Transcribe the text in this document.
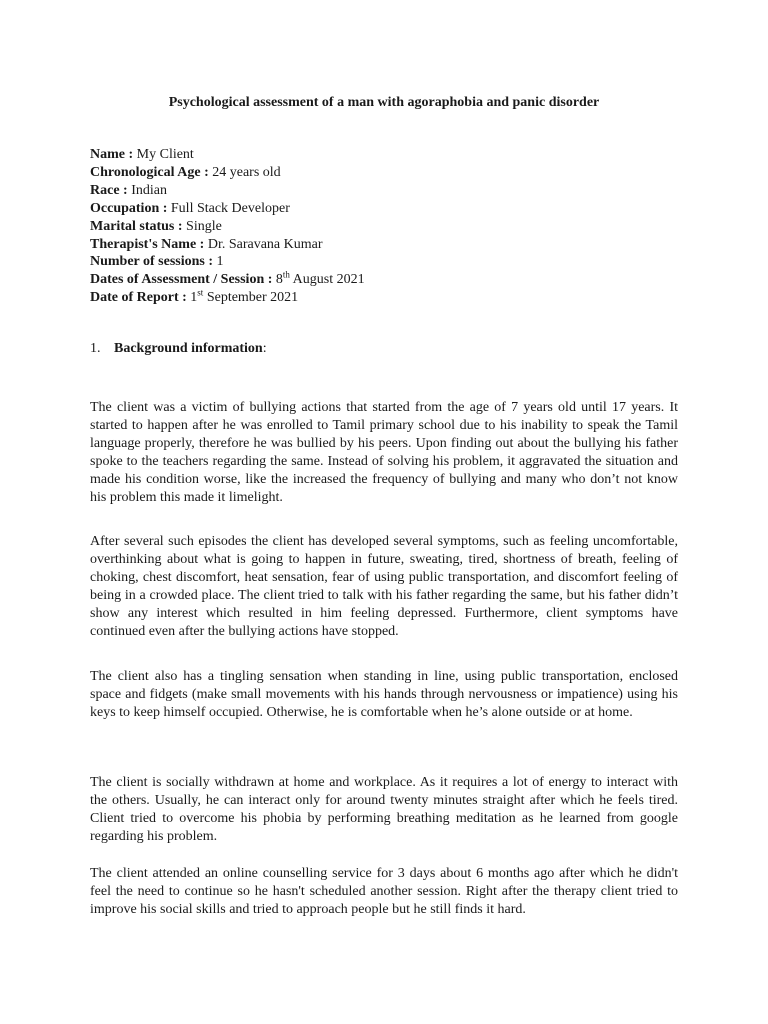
Psychological assessment of a man with agoraphobia and panic disorder
Name : My Client
Chronological Age : 24 years old
Race : Indian
Occupation : Full Stack Developer
Marital status : Single
Therapist's Name : Dr. Saravana Kumar
Number of sessions : 1
Dates of Assessment / Session : 8th August 2021
Date of Report : 1st September 2021
1. Background information:

The client was a victim of bullying actions that started from the age of 7 years old until 17 years. It started to happen after he was enrolled to Tamil primary school due to his inability to speak the Tamil language properly, therefore he was bullied by his peers. Upon finding out about the bullying his father spoke to the teachers regarding the same. Instead of solving his problem, it aggravated the situation and made his condition worse, like the increased the frequency of bullying and many who don’t not know his problem this made it limelight.

After several such episodes the client has developed several symptoms, such as feeling uncomfortable, overthinking about what is going to happen in future, sweating, tired, shortness of breath, feeling of choking, chest discomfort, heat sensation, fear of using public transportation, and discomfort feeling of being in a crowded place. The client tried to talk with his father regarding the same, but his father didn’t show any interest which resulted in him feeling depressed. Furthermore, client symptoms have continued even after the bullying actions have stopped.

The client also has a tingling sensation when standing in line, using public transportation, enclosed space and fidgets (make small movements with his hands through nervousness or impatience) using his keys to keep himself occupied. Otherwise, he is comfortable when he’s alone outside or at home.

The client is socially withdrawn at home and workplace. As it requires a lot of energy to interact with the others. Usually, he can interact only for around twenty minutes straight after which he feels tired. Client tried to overcome his phobia by performing breathing meditation as he learned from google regarding his problem.

The client attended an online counselling service for 3 days about 6 months ago after which he didn't feel the need to continue so he hasn't scheduled another session. Right after the therapy client tried to improve his social skills and tried to approach people but he still finds it hard.
